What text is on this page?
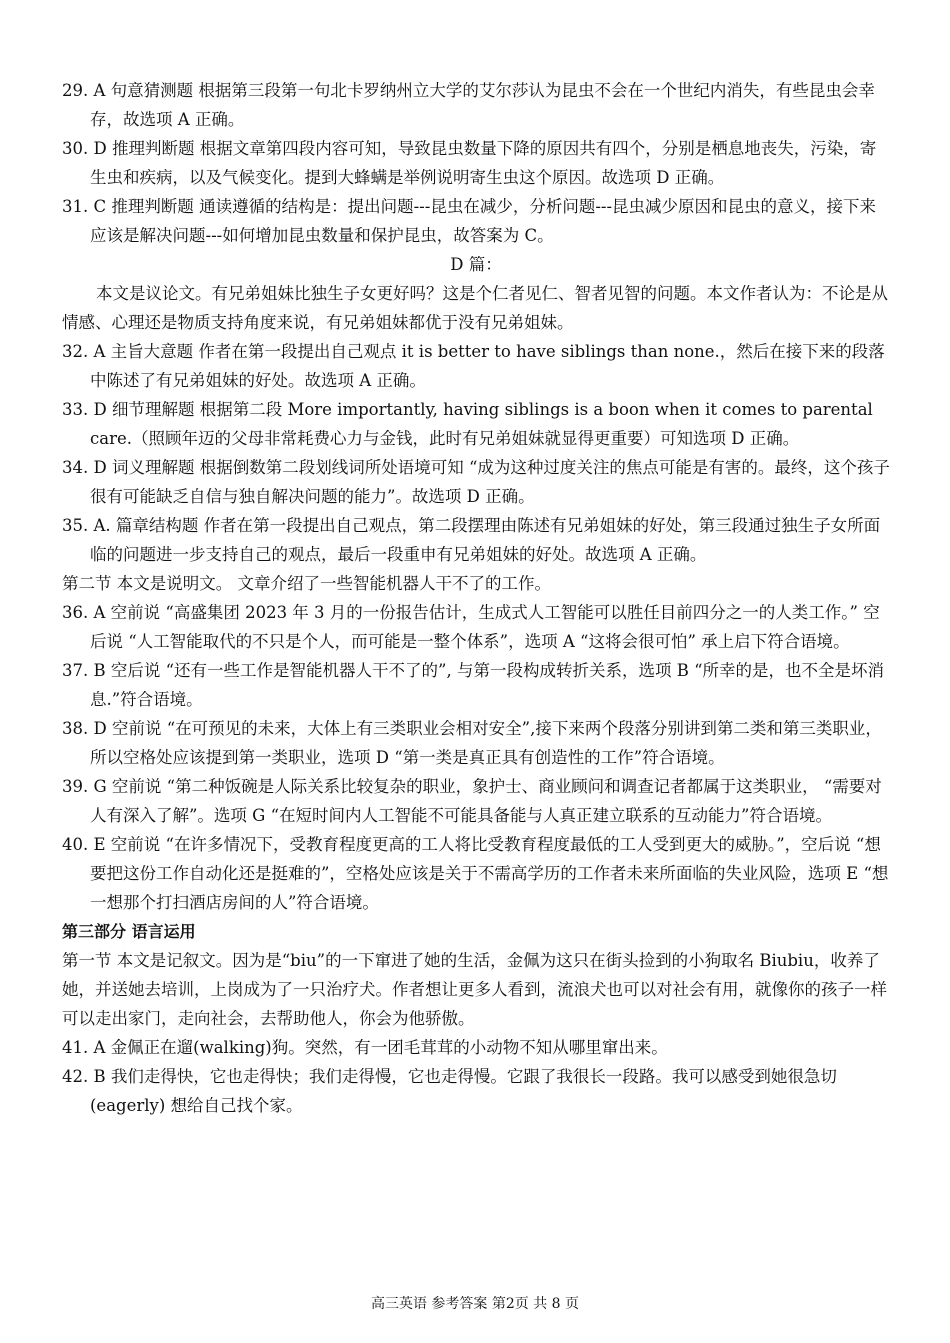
29. A 句意猜测题 根据第三段第一句北卡罗纳州立大学的艾尔莎认为昆虫不会在一个世纪内消失，有些昆虫会幸存，故选项 A 正确。

30. D 推理判断题 根据文章第四段内容可知，导致昆虫数量下降的原因共有四个，分别是栖息地丧失，污染，寄生虫和疾病，以及气候变化。提到大蜂螨是举例说明寄生虫这个原因。故选项 D 正确。

31. C 推理判断题 通读遵循的结构是：提出问题---昆虫在减少，分析问题---昆虫减少原因和昆虫的意义，接下来应该是解决问题---如何增加昆虫数量和保护昆虫，故答案为 C。

D 篇：

本文是议论文。有兄弟姐妹比独生子女更好吗？这是个仁者见仁、智者见智的问题。本文作者认为：不论是从情感、心理还是物质支持角度来说，有兄弟姐妹都优于没有兄弟姐妹。

32. A 主旨大意题 作者在第一段提出自己观点 it is better to have siblings than none.，然后在接下来的段落中陈述了有兄弟姐妹的好处。故选项 A 正确。

33. D 细节理解题 根据第二段 More importantly, having siblings is a boon when it comes to parental care.（照顾年迈的父母非常耗费心力与金钱，此时有兄弟姐妹就显得更重要）可知选项 D 正确。

34. D 词义理解题 根据倒数第二段划线词所处语境可知 “成为这种过度关注的焦点可能是有害的。最终，这个孩子很有可能缺乏自信与独自解决问题的能力”。故选项 D 正确。

35. A. 篇章结构题 作者在第一段提出自己观点，第二段摆理由陈述有兄弟姐妹的好处，第三段通过独生子女所面临的问题进一步支持自己的观点，最后一段重申有兄弟姐妹的好处。故选项 A 正确。

第二节 本文是说明文。 文章介绍了一些智能机器人干不了的工作。

36. A 空前说 “高盛集团 2023 年 3 月的一份报告估计，生成式人工智能可以胜任目前四分之一的人类工作。” 空后说 “人工智能取代的不只是个人，而可能是一整个体系”，选项 A “这将会很可怕” 承上启下符合语境。

37. B 空后说 “还有一些工作是智能机器人干不了的”, 与第一段构成转折关系，选项 B “所幸的是，也不全是坏消息.”符合语境。

38. D 空前说 “在可预见的未来，大体上有三类职业会相对安全”,接下来两个段落分别讲到第二类和第三类职业，所以空格处应该提到第一类职业，选项 D “第一类是真正具有创造性的工作”符合语境。

39. G 空前说 “第二种饭碗是人际关系比较复杂的职业，象护士、商业顾问和调查记者都属于这类职业， “需要对人有深入了解”。选项 G “在短时间内人工智能不可能具备能与人真正建立联系的互动能力”符合语境。

40. E 空前说 “在许多情况下，受教育程度更高的工人将比受教育程度最低的工人受到更大的威胁。”，空后说 “想要把这份工作自动化还是挺难的”，空格处应该是关于不需高学历的工作者未来所面临的失业风险，选项 E “想一想那个打扫酒店房间的人”符合语境。

第三部分 语言运用

第一节 本文是记叙文。因为是“biu”的一下窜进了她的生活，金佩为这只在街头捡到的小狗取名 Biubiu，收养了她，并送她去培训，上岗成为了一只治疗犬。作者想让更多人看到，流浪犬也可以对社会有用，就像你的孩子一样可以走出家门，走向社会，去帮助他人，你会为他骄傲。

41. A 金佩正在遛(walking)狗。突然，有一团毛茸茸的小动物不知从哪里窜出来。

42. B 我们走得快，它也走得快；我们走得慢，它也走得慢。它跟了我很长一段路。我可以感受到她很急切(eagerly) 想给自己找个家。

高三英语 参考答案 第2页 共 8 页
